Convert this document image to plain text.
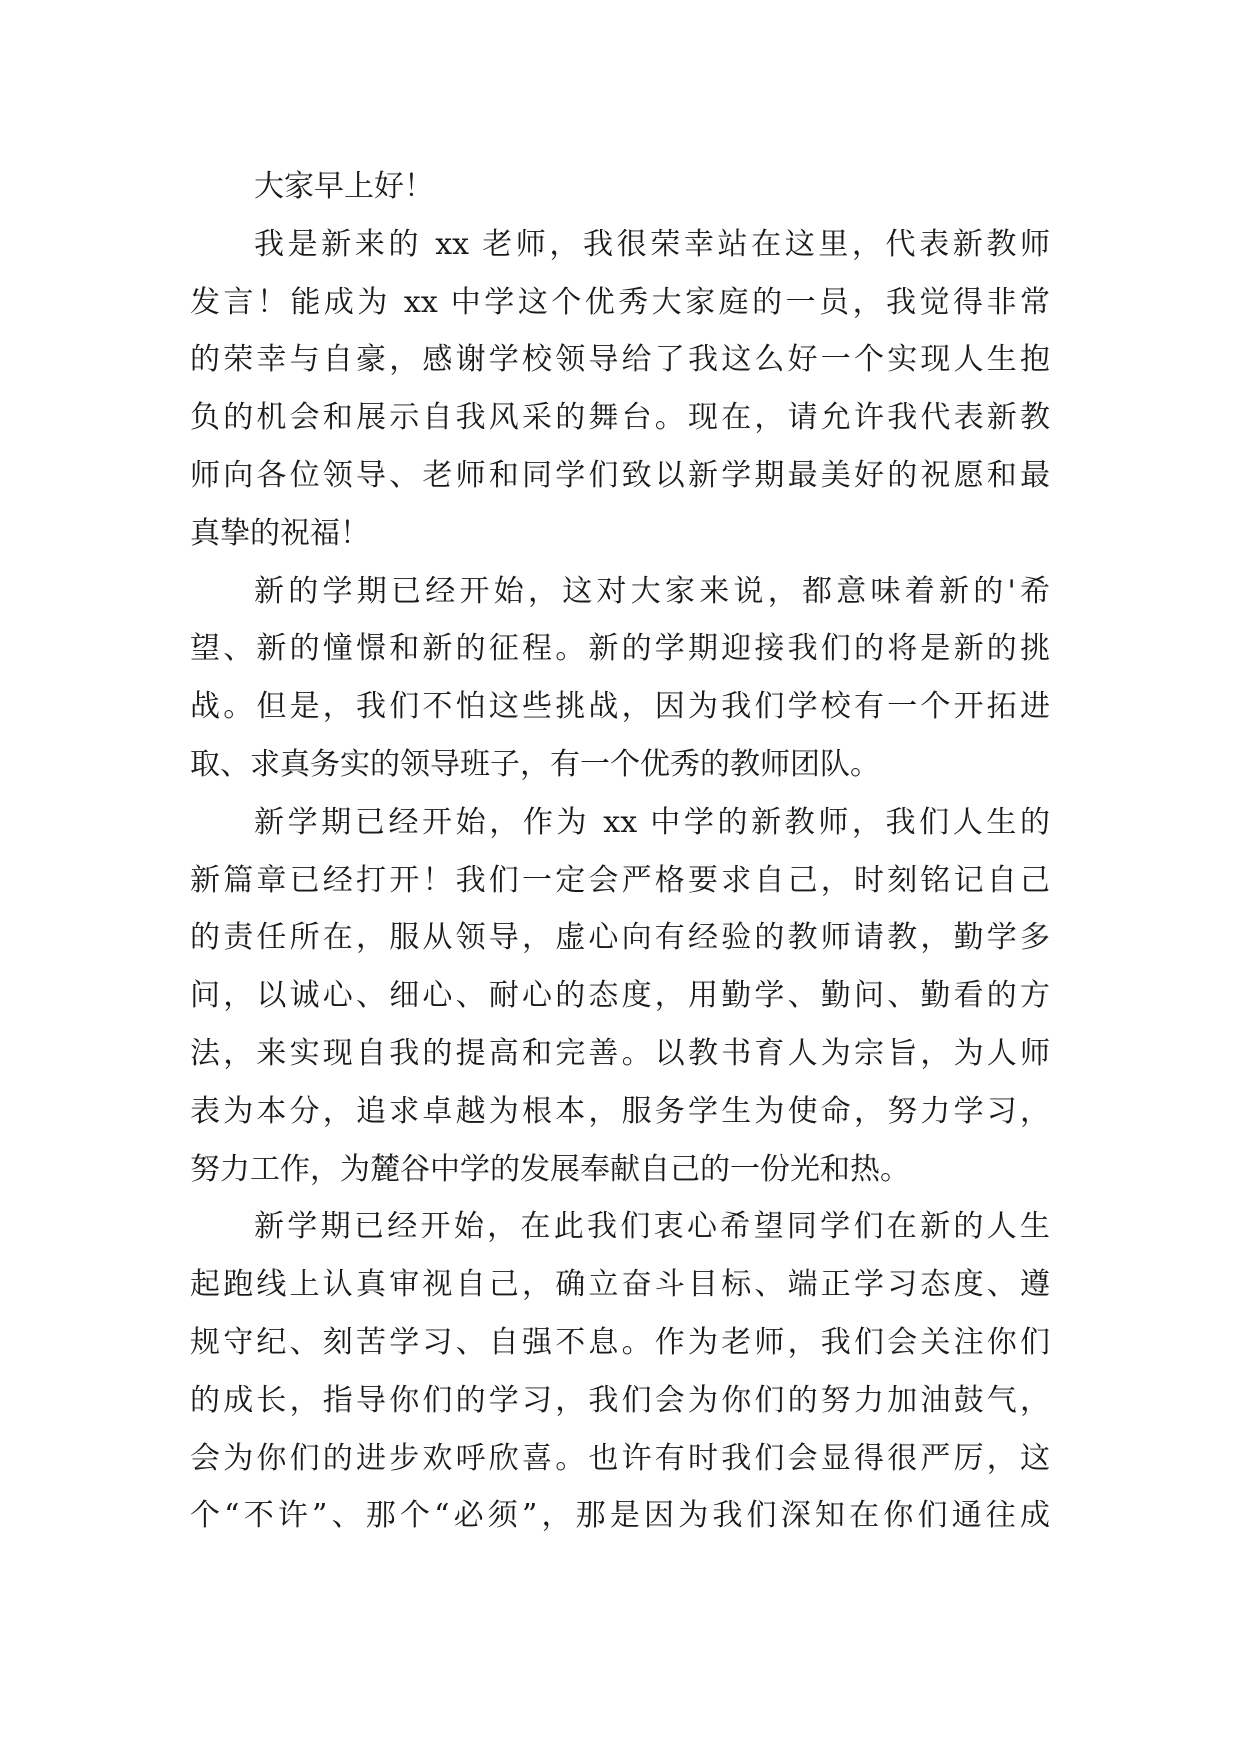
大家早上好！
我是新来的 xx 老师，我很荣幸站在这里，代表新教师
发言！能成为 xx 中学这个优秀大家庭的一员，我觉得非常
的荣幸与自豪，感谢学校领导给了我这么好一个实现人生抱
负的机会和展示自我风采的舞台。现在，请允许我代表新教
师向各位领导、老师和同学们致以新学期最美好的祝愿和最
真挚的祝福！
新的学期已经开始，这对大家来说，都意味着新的'希
望、新的憧憬和新的征程。新的学期迎接我们的将是新的挑
战。但是，我们不怕这些挑战，因为我们学校有一个开拓进
取、求真务实的领导班子，有一个优秀的教师团队。
新学期已经开始，作为 xx 中学的新教师，我们人生的
新篇章已经打开！我们一定会严格要求自己，时刻铭记自己
的责任所在，服从领导，虚心向有经验的教师请教，勤学多
问，以诚心、细心、耐心的态度，用勤学、勤问、勤看的方
法，来实现自我的提高和完善。以教书育人为宗旨，为人师
表为本分，追求卓越为根本，服务学生为使命，努力学习，
努力工作，为麓谷中学的发展奉献自己的一份光和热。
新学期已经开始，在此我们衷心希望同学们在新的人生
起跑线上认真审视自己，确立奋斗目标、端正学习态度、遵
规守纪、刻苦学习、自强不息。作为老师，我们会关注你们
的成长，指导你们的学习，我们会为你们的努力加油鼓气，
会为你们的进步欢呼欣喜。也许有时我们会显得很严厉，这
个“不许”、那个“必须”，那是因为我们深知在你们通往成
